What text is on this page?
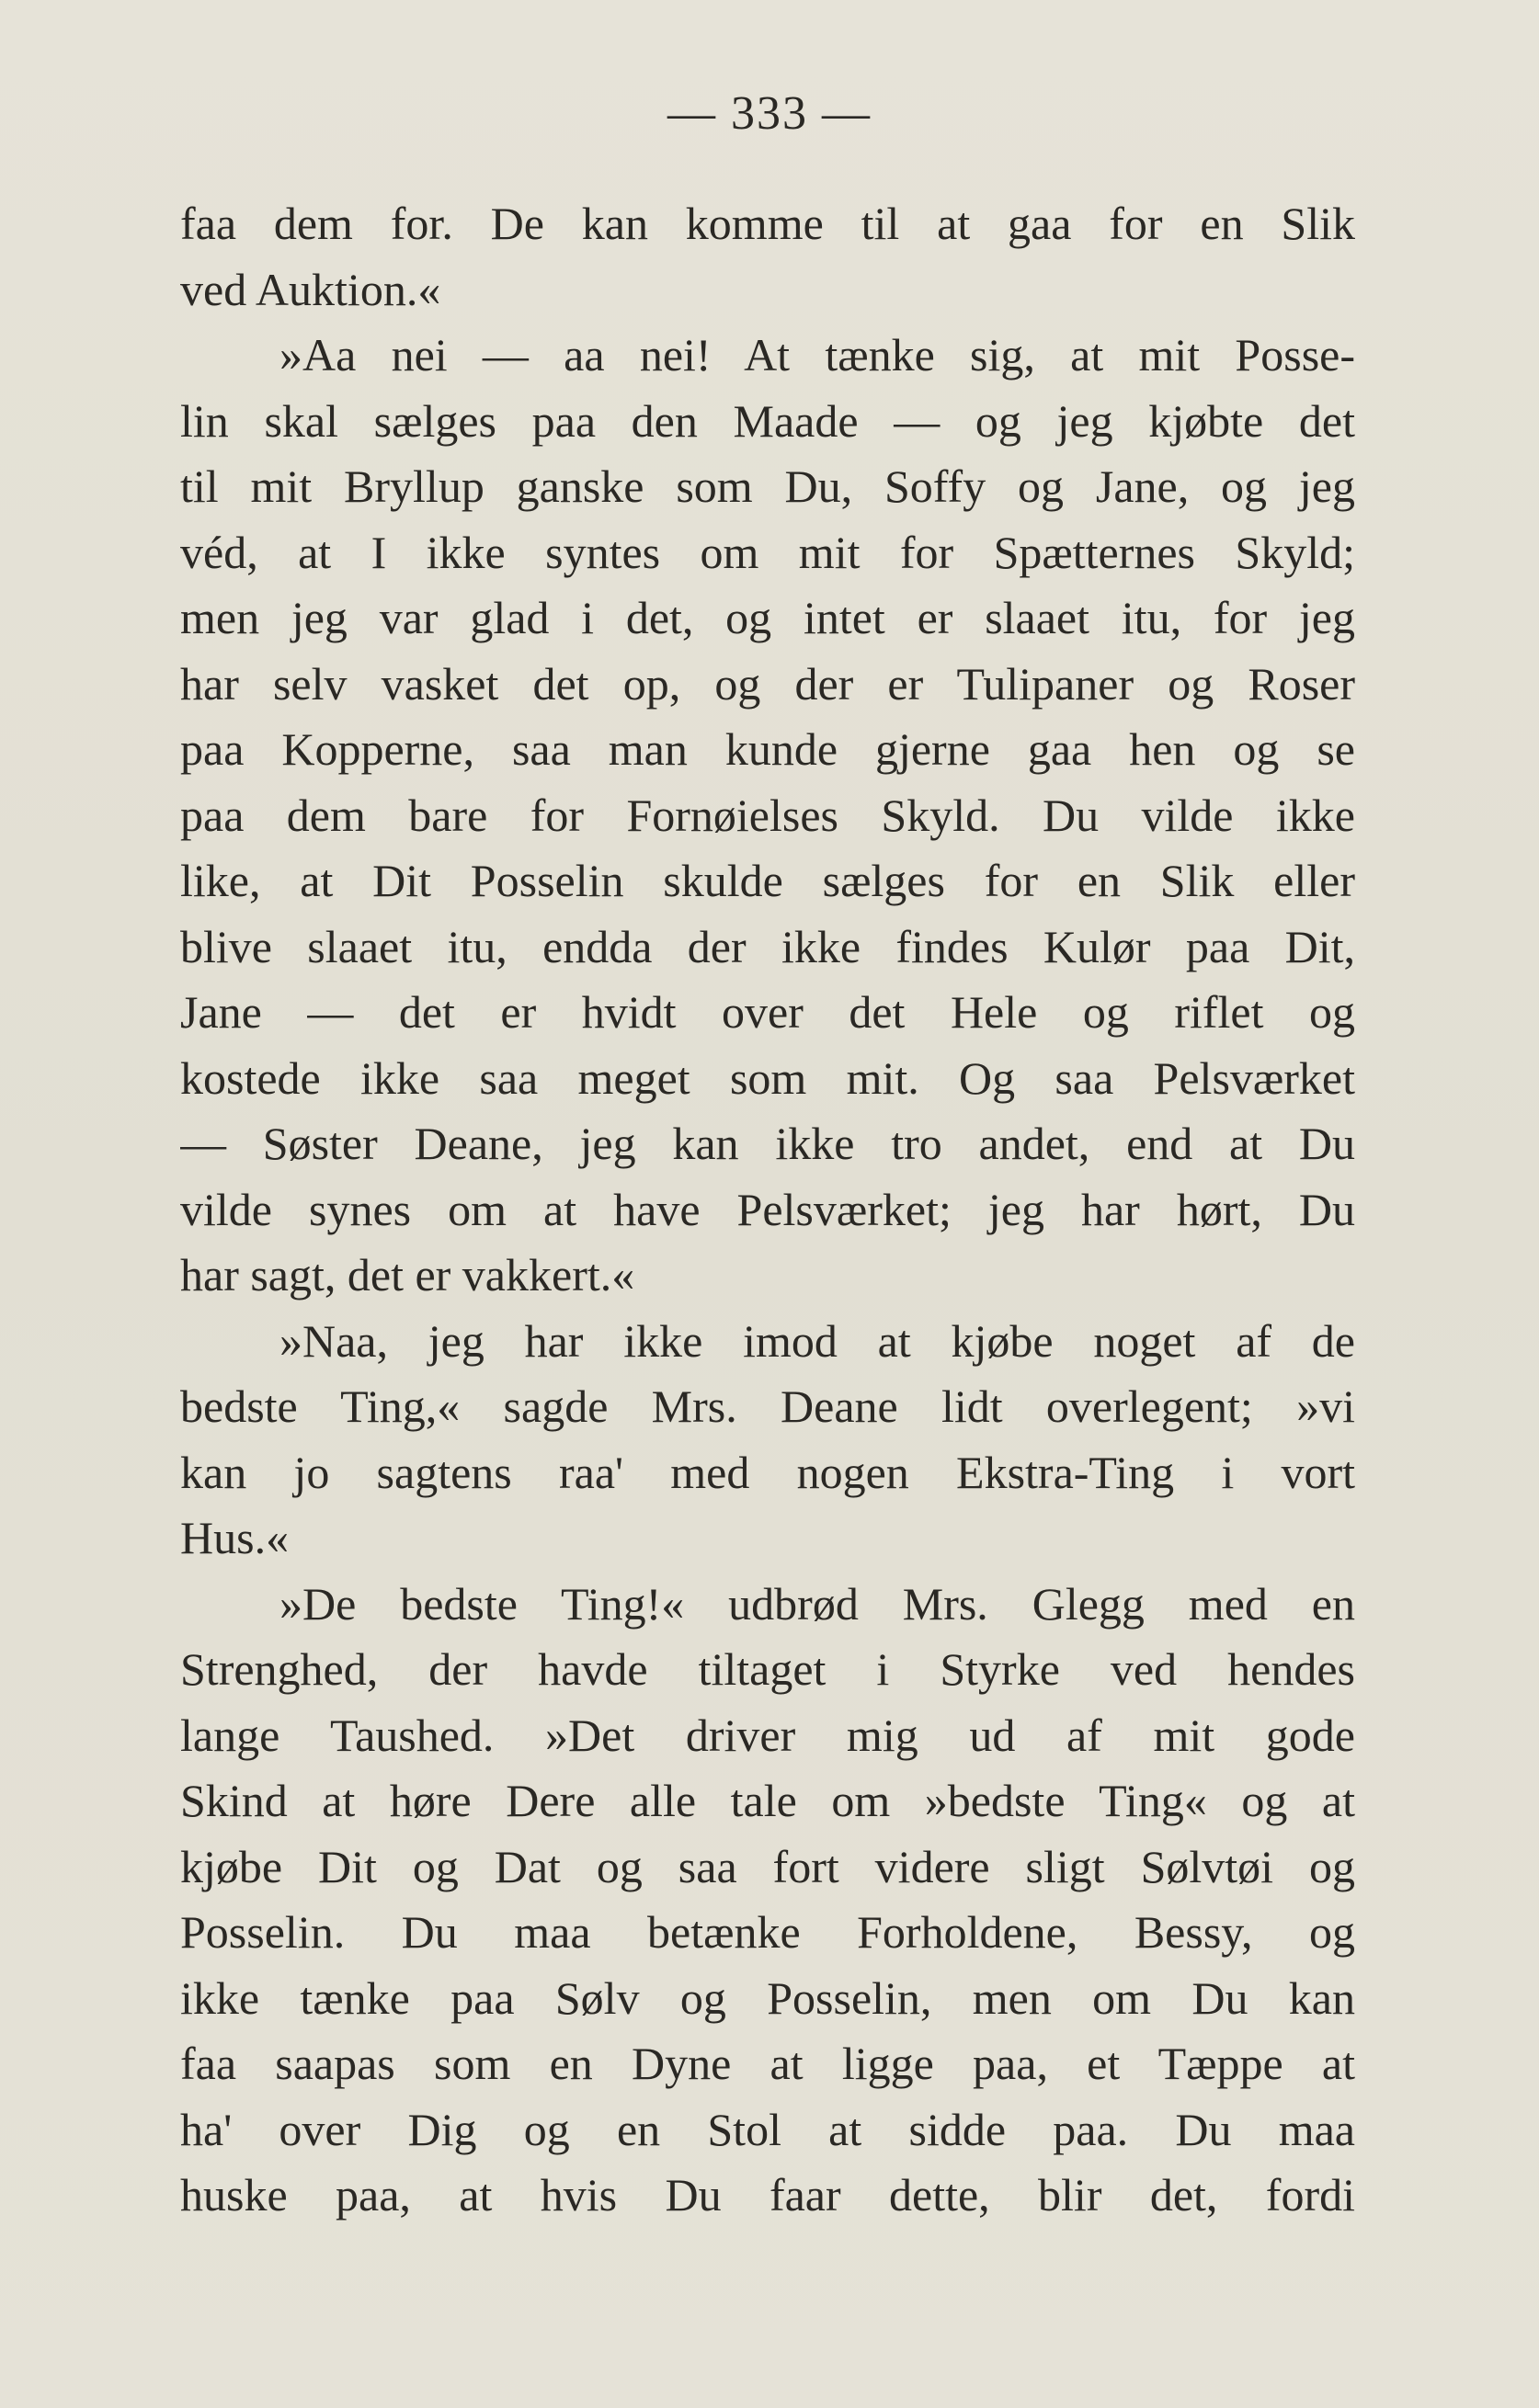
— 333 —
faa dem for. De kan komme til at gaa for en Slik
ved Auktion.«
»Aa nei — aa nei! At tænke sig, at mit Posse-
lin skal sælges paa den Maade — og jeg kjøbte det
til mit Bryllup ganske som Du, Soffy og Jane, og jeg
véd, at I ikke syntes om mit for Spætternes Skyld;
men jeg var glad i det, og intet er slaaet itu, for jeg
har selv vasket det op, og der er Tulipaner og Roser
paa Kopperne, saa man kunde gjerne gaa hen og se
paa dem bare for Fornøielses Skyld. Du vilde ikke
like, at Dit Posselin skulde sælges for en Slik eller
blive slaaet itu, endda der ikke findes Kulør paa Dit,
Jane — det er hvidt over det Hele og riflet og
kostede ikke saa meget som mit. Og saa Pelsværket
— Søster Deane, jeg kan ikke tro andet, end at Du
vilde synes om at have Pelsværket; jeg har hørt, Du
har sagt, det er vakkert.«
»Naa, jeg har ikke imod at kjøbe noget af de
bedste Ting,« sagde Mrs. Deane lidt overlegent; »vi
kan jo sagtens raa' med nogen Ekstra-Ting i vort
Hus.«
»De bedste Ting!« udbrød Mrs. Glegg med en
Strenghed, der havde tiltaget i Styrke ved hendes
lange Taushed. »Det driver mig ud af mit gode
Skind at høre Dere alle tale om »bedste Ting« og at
kjøbe Dit og Dat og saa fort videre sligt Sølvtøi og
Posselin. Du maa betænke Forholdene, Bessy, og
ikke tænke paa Sølv og Posselin, men om Du kan
faa saapas som en Dyne at ligge paa, et Tæppe at
ha' over Dig og en Stol at sidde paa. Du maa
huske paa, at hvis Du faar dette, blir det, fordi
